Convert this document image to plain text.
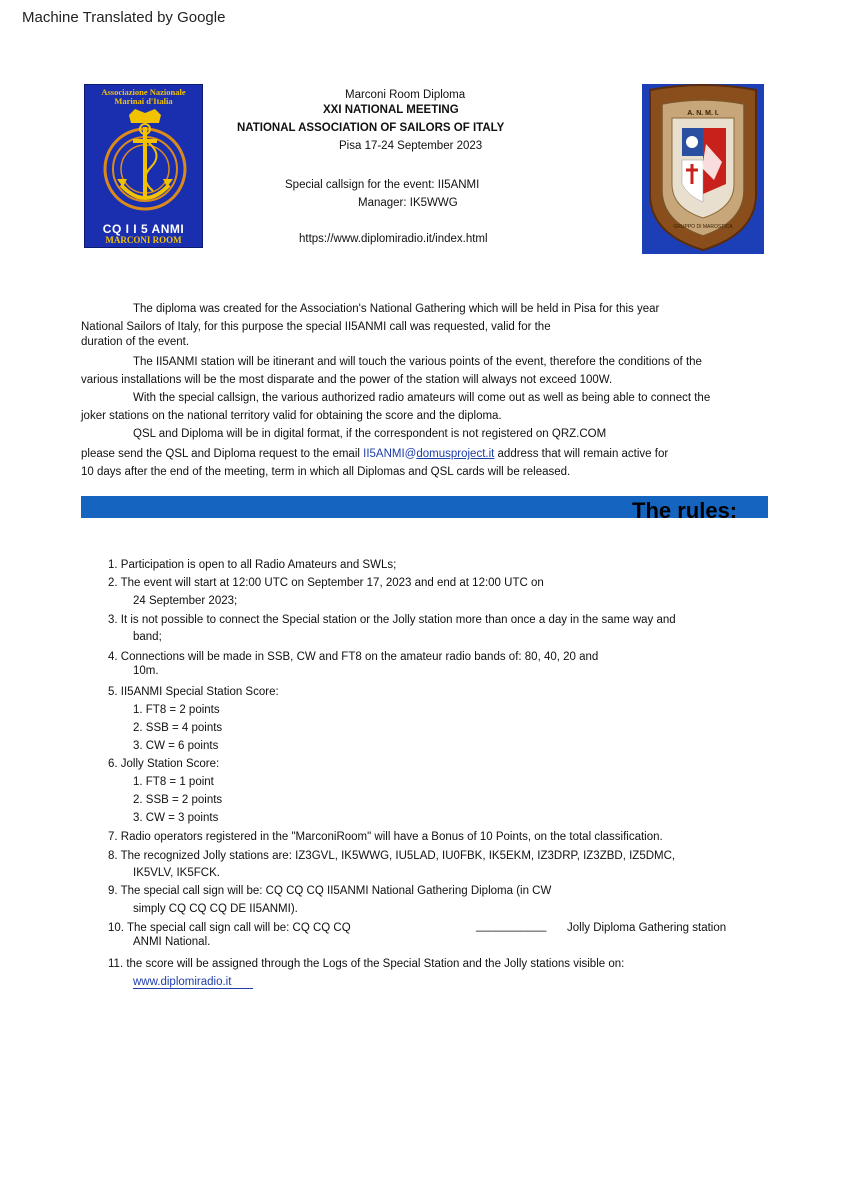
Machine Translated by Google
Associazione Nazionale
Marinai d'Italia
CQ I I 5 ANMI
MARCONI ROOM
A. N. M. I.
GRUPPO DI MAROSTICA
Marconi Room Diploma
XXI NATIONAL MEETING
NATIONAL ASSOCIATION OF SAILORS OF ITALY
Pisa 17-24 September 2023
Special callsign for the event: II5ANMI
Manager: IK5WWG
https://www.diplomiradio.it/index.html
The diploma was created for the Association's National Gathering which will be held in Pisa for this year
National Sailors of Italy, for this purpose the special II5ANMI call was requested, valid for the
duration of the event.
The II5ANMI station will be itinerant and will touch the various points of the event, therefore the conditions of the
various installations will be the most disparate and the power of the station will always not exceed 100W.
With the special callsign, the various authorized radio amateurs will come out as well as being able to connect the
joker stations on the national territory valid for obtaining the score and the diploma.
QSL and Diploma will be in digital format, if the correspondent is not registered on QRZ.COM
please send the QSL and Diploma request to the email II5ANMI@domusproject.it address that will remain active for
10 days after the end of the meeting, term in which all Diplomas and QSL cards will be released.
The rules:
1. Participation is open to all Radio Amateurs and SWLs;
2. The event will start at 12:00 UTC on September 17, 2023 and end at 12:00 UTC on
24 September 2023;
3. It is not possible to connect the Special station or the Jolly station more than once a day in the same way and
band;
4. Connections will be made in SSB, CW and FT8 on the amateur radio bands of: 80, 40, 20 and
10m.
5. II5ANMI Special Station Score:
1. FT8 = 2 points
2. SSB = 4 points
3. CW = 6 points
6. Jolly Station Score:
1. FT8 = 1 point
2. SSB = 2 points
3. CW = 3 points
7. Radio operators registered in the "MarconiRoom" will have a Bonus of 10 Points, on the total classification.
8. The recognized Jolly stations are: IZ3GVL, IK5WWG, IU5LAD, IU0FBK, IK5EKM, IZ3DRP, IZ3ZBD, IZ5DMC,
IK5VLV, IK5FCK.
9. The special call sign will be: CQ CQ CQ II5ANMI National Gathering Diploma (in CW
simply CQ CQ CQ DE II5ANMI).
10. The special call sign call will be: CQ CQ CQ	___________ Jolly Diploma Gathering station
ANMI National.
11. the score will be assigned through the Logs of the Special Station and the Jolly stations visible on:
www.diplomiradio.it
